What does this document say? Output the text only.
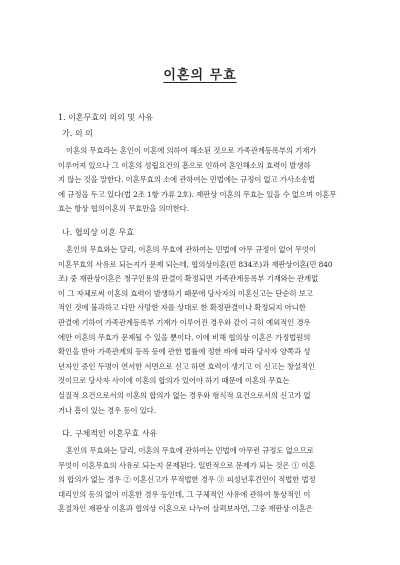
이혼의 무효
1. 이혼무효의 의의 및 사유
가. 의 의
이혼의 무효라는 혼인이 이혼에 의하여 해소된 것으로 가족관계등록부의 기재가
이루어져 있으나 그 이혼의 성립요건의 흠으로 인하여 혼인해소의 효력이 발생하
지 않는 것을 말한다. 이혼무효의 소에 관하여는 민법에는 규정이 없고 가사소송법
에 규정을 두고 있다(법 2조 1항 가류 2호). 재판상 이혼의 무효는 있을 수 없으며 이혼무
효는 항상 협의이혼의 무효만을 의미한다.
나. 협의상 이혼 무효
혼인의 무효와는 달리, 이혼의 무효에 관하여는 민법에 아무 규정이 없어 무엇이
이혼무효의 사유로 되는지가 문제 되는데, 협의상이혼(민 834조)과 재판상이혼(민 840
조) 중 재판상이혼은 청구인용의 판결이 확정되면 가족관계등록부 기재와는 관계없
이 그 자체로써 이혼의 효력이 발생하기 때문에 당사자의 이혼신고는 단순히 보고
적인 것에 불과하고 다만 사망한 자를 상대로 한 확정판결이나 확정되지 아니한
판결에 기하여 가족관계등록부 기재가 이루어진 경우와 같이 극히 예외적인 경우
에만 이혼의 무효가 문제될 수 있을 뿐이다. 이에 비해 협의상 이혼은 가정법원의
확인을 받아 가족관계의 등록 등에 관한 법률에 정한 바에 따라 당사자 양쪽과 성
년자인 증인 두명이 연서한 서면으로 신고 하면 효력이 생기고 이 신고는 창설적인
것이므로 당사자 사이에 이혼의 합의가 있어야 하기 때문에 이혼의 무효는
실질적 요건으로서의 이혼의 합의가 없는 경우와 형식적 요건으로서의 신고가 없
거나 흠이 있는 경우 등이 있다.
다. 구체적인 이혼무효 사유
혼인의 무효와는 달리, 이혼의 무효에 관하여는 민법에 아무런 규정도 없으므로
무엇이 이혼무효의 사유로 되는지 문제된다. 일반적으로 문제가 되는 것은 ① 이혼
의 합의가 없는 경우 ② 이혼신고가 무적법한 경우 ③ 피성년후견인이 적법한 법정
대리인의 동의 없이 이혼한 경우 등인데, 그 구체적인 사유에 관하여 통상적인 이
혼절차인 재판상 이혼과 협의상 이혼으로 나누어 살펴보자면, 그중 재판상 이혼은
